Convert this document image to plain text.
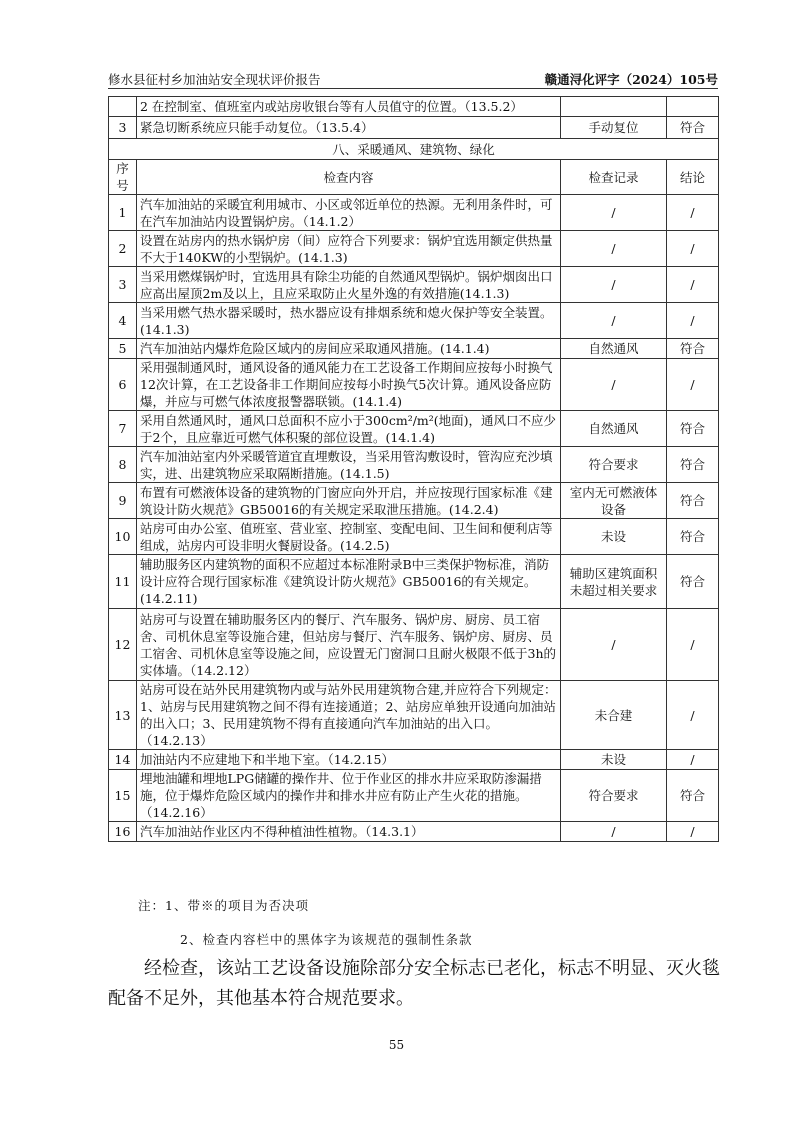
修水县征村乡加油站安全现状评价报告	赣通浔化评字（2024）105号
	2 在控制室、值班室内或站房收银台等有人员值守的位置。（13.5.2）		
3	紧急切断系统应只能手动复位。（13.5.4）	手动复位	符合
八、采暖通风、建筑物、绿化			
序号	检查内容	检查记录	结论
1	汽车加油站的采暖宜利用城市、小区或邻近单位的热源。无利用条件时，可在汽车加油站内设置锅炉房。（14.1.2）	/	/
2	设置在站房内的热水锅炉房（间）应符合下列要求：锅炉宜选用额定供热量不大于140KW的小型锅炉。(14.1.3)	/	/
3	当采用燃煤锅炉时，宜选用具有除尘功能的自然通风型锅炉。锅炉烟囱出口应高出屋顶2m及以上，且应采取防止火星外逸的有效措施(14.1.3)	/	/
4	当采用燃气热水器采暖时，热水器应设有排烟系统和熄火保护等安全装置。(14.1.3)	/	/
5	汽车加油站内爆炸危险区域内的房间应采取通风措施。(14.1.4)	自然通风	符合
6	采用强制通风时，通风设备的通风能力在工艺设备工作期间应按每小时换气12次计算，在工艺设备非工作期间应按每小时换气5次计算。通风设备应防爆，并应与可燃气体浓度报警器联锁。(14.1.4)	/	/
7	采用自然通风时，通风口总面积不应小于300cm²/m²(地面)，通风口不应少于2个，且应靠近可燃气体积聚的部位设置。(14.1.4)	自然通风	符合
8	汽车加油站室内外采暖管道宜直埋敷设，当采用管沟敷设时，管沟应充沙填实，进、出建筑物应采取隔断措施。(14.1.5)	符合要求	符合
9	布置有可燃液体设备的建筑物的门窗应向外开启，并应按现行国家标准《建筑设计防火规范》GB50016的有关规定采取泄压措施。(14.2.4)	室内无可燃液体设备	符合
10	站房可由办公室、值班室、营业室、控制室、变配电间、卫生间和便利店等组成，站房内可设非明火餐厨设备。(14.2.5)	未设	符合
11	辅助服务区内建筑物的面积不应超过本标准附录B中三类保护物标准，消防设计应符合现行国家标准《建筑设计防火规范》GB50016的有关规定。(14.2.11)	辅助区建筑面积未超过相关要求	符合
12	站房可与设置在辅助服务区内的餐厅、汽车服务、锅炉房、厨房、员工宿舍、司机休息室等设施合建，但站房与餐厅、汽车服务、锅炉房、厨房、员工宿舍、司机休息室等设施之间，应设置无门窗洞口且耐火极限不低于3h的实体墙。（14.2.12）	/	/
13	站房可设在站外民用建筑物内或与站外民用建筑物合建,并应符合下列规定：1、站房与民用建筑物之间不得有连接通道；2、站房应单独开设通向加油站的出入口；3、民用建筑物不得有直接通向汽车加油站的出入口。（14.2.13）	未合建	/
14	加油站内不应建地下和半地下室。（14.2.15）	未设	/
15	埋地油罐和埋地LPG储罐的操作井、位于作业区的排水井应采取防渗漏措施，位于爆炸危险区域内的操作井和排水井应有防止产生火花的措施。（14.2.16）	符合要求	符合
16	汽车加油站作业区内不得种植油性植物。（14.3.1）	/	/
注：1、带※的项目为否决项
2、检查内容栏中的黑体字为该规范的强制性条款
经检查，该站工艺设备设施除部分安全标志已老化，标志不明显、灭火毯配备不足外，其他基本符合规范要求。
55
